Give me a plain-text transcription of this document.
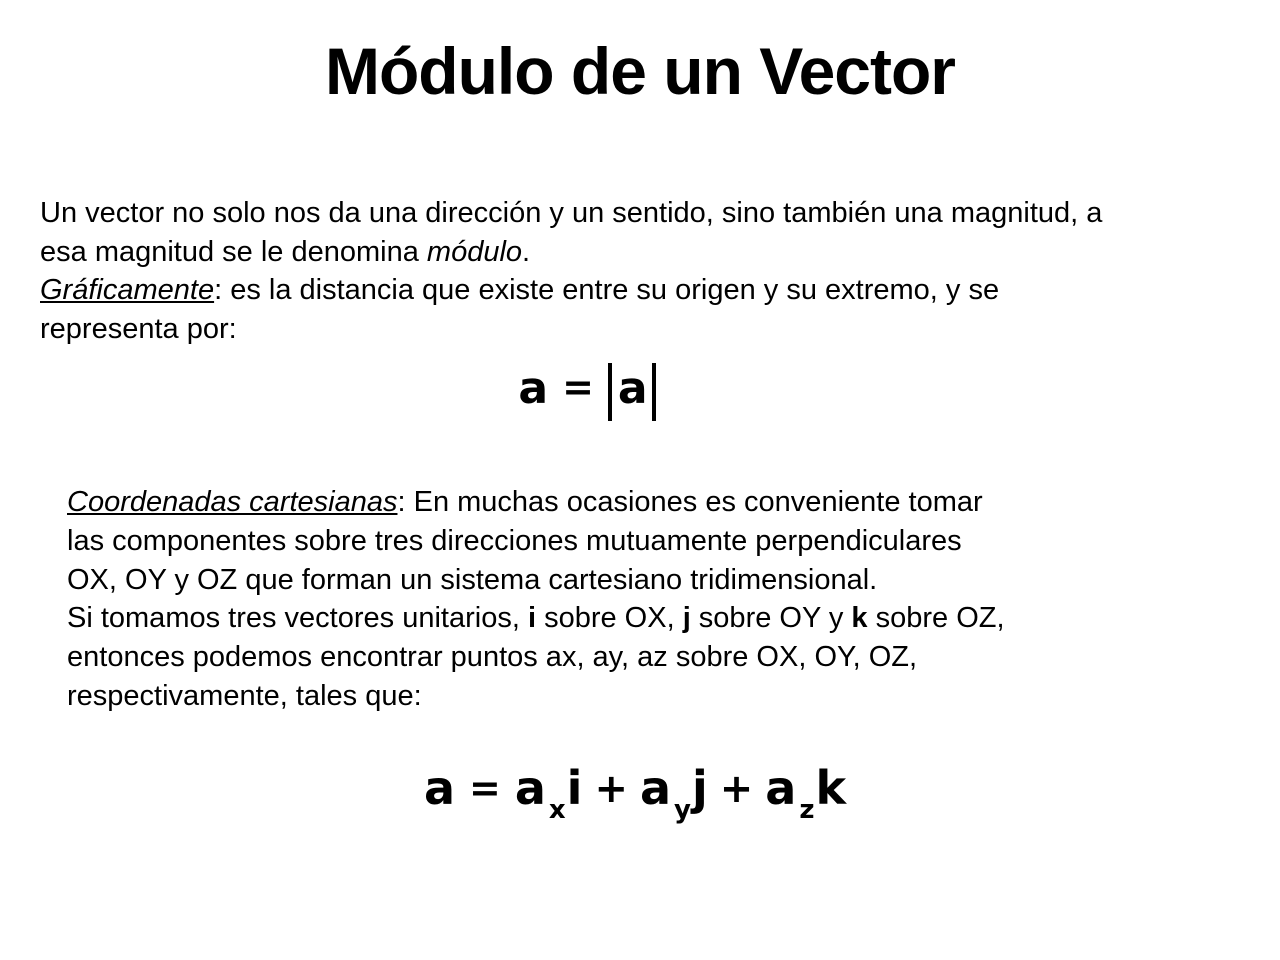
Módulo de un Vector
Un vector no solo nos da una dirección y un sentido, sino también una magnitud, a
esa magnitud se le denomina módulo.
Gráficamente: es la distancia que existe entre su origen y su extremo, y se
representa por:
a = a
Coordenadas cartesianas: En muchas ocasiones es conveniente tomar
las componentes sobre tres direcciones mutuamente perpendiculares
OX, OY y OZ que forman un sistema cartesiano tridimensional.
Si tomamos tres vectores unitarios, i sobre OX, j sobre OY y k sobre OZ,
entonces podemos encontrar puntos ax, ay, az sobre OX, OY, OZ,
respectivamente, tales que:
a = a $_x$i + a $_y$j + a $_z$k
